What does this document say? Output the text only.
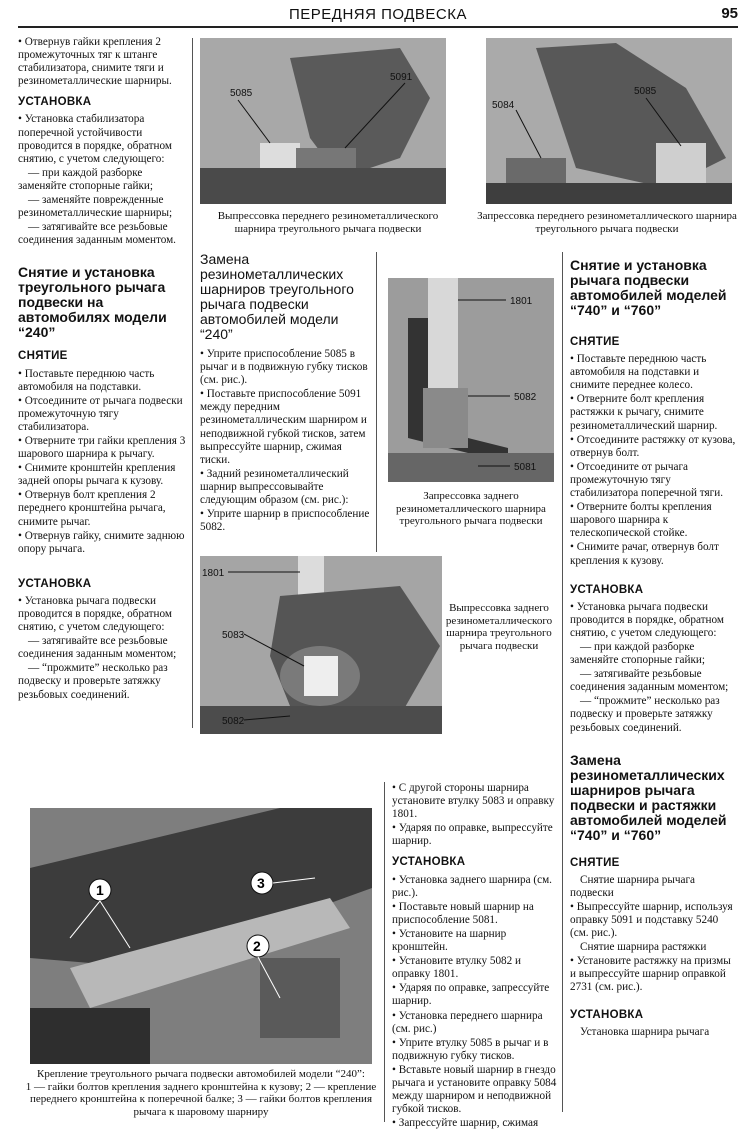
ПЕРЕДНЯЯ ПОДВЕСКА	95

• Отвернув гайки крепления 2 промежуточных тяг к штанге стабилизатора, снимите тяги и резинометаллические шарниры.

УСТАНОВКА

• Установка стабилизатора поперечной устойчивости проводится в порядке, обратном снятию, с учетом следующего:

— при каждой разборке заменяйте стопорные гайки;

— заменяйте поврежденные резинометаллические шарниры;

— затягивайте все резьбовые соединения заданным моментом.

Снятие и установка треугольного рычага подвески на автомобилях модели “240”
СНЯТИЕ

• Поставьте переднюю часть автомобиля на подставки.

• Отсоедините от рычага подвески промежуточную тягу стабилизатора.

• Отверните три гайки крепления 3 шарового шарнира к рычагу.

• Снимите кронштейн крепления задней опоры рычага к кузову.

• Отвернув болт крепления 2 переднего кронштейна рычага, снимите рычаг.

• Отвернув гайку, снимите заднюю опору рычага.

УСТАНОВКА

• Установка рычага подвески проводится в порядке, обратном снятию, с учетом следующего:

— затягивайте все резьбовые соединения заданным моментом;

— “прожмите” несколько раз подвеску и проверьте затяжку резьбовых соединений.

5085
5091
Выпрессовка переднего резинометаллического шарнира треугольного рычага подвески
5084
5085
Запрессовка переднего резинометаллического шарнира треугольного рычага подвески
Замена резинометаллических шарниров треугольного рычага подвески автомобилей модели “240”

• Уприте приспособление 5085 в рычаг и в подвижную губку тисков (см. рис.).

• Поставьте приспособление 5091 между передним резинометаллическим шарниром и неподвижной губкой тисков, затем выпрессуйте шарнир, сжимая тиски.

• Задний резинометаллический шарнир выпрессовывайте следующим образом (см. рис.):

• Уприте шарнир в приспособление 5082.

1801
5082
5081
Запрессовка заднего резинометаллического шарнира треугольного рычага подвески
1801
5083
5082
Выпрессовка заднего резинометаллического шарнира треугольного рычага подвески
1
2
3
Крепление треугольного рычага подвески автомобилей модели “240”:
1 — гайки болтов крепления заднего кронштейна к кузову; 2 — крепление переднего кронштейна к поперечной балке; 3 — гайки болтов крепления рычага к шаровому шарниру

• С другой стороны шарнира установите втулку 5083 и оправку 1801.

• Ударяя по оправке, выпрессуйте шарнир.

УСТАНОВКА

• Установка заднего шарнира (см. рис.).

• Поставьте новый шарнир на приспособление 5081.

• Установите на шарнир кронштейн.

• Установите втулку 5082 и оправку 1801.

• Ударяя по оправке, запрессуйте шарнир.

• Установка переднего шарнира (см. рис.)

• Уприте втулку 5085 в рычаг и в подвижную губку тисков.

• Вставьте новый шарнир в гнездо рычага и установите оправку 5084 между шарниром и неподвижной губкой тисков.

• Запрессуйте шарнир, сжимая

Снятие и установка рычага подвески автомобилей моделей “740” и “760”
СНЯТИЕ

• Поставьте переднюю часть автомобиля на подставки и снимите переднее колесо.

• Отверните болт крепления растяжки к рычагу, снимите резинометаллический шарнир.

• Отсоедините растяжку от кузова, отвернув болт.

• Отсоедините от рычага промежуточную тягу стабилизатора поперечной тяги.

• Отверните болты крепления шарового шарнира к телескопической стойке.

• Снимите рачаг, отвернув болт крепления к кузову.

УСТАНОВКА

• Установка рычага подвески проводится в порядке, обратном снятию, с учетом следующего:

— при каждой разборке заменяйте стопорные гайки;

— затягивайте резьбовые соединения заданным моментом;

— “прожмите” несколько раз подвеску и проверьте затяжку резьбовых соединений.

Замена резинометаллических шарниров рычага подвески и растяжки автомобилей моделей “740” и “760”
СНЯТИЕ

Снятие шарнира рычага подвески

• Выпрессуйте шарнир, используя оправку 5091 и подставку 5240 (см. рис.).

Снятие шарнира растяжки

• Установите растяжку на призмы и выпрессуйте шарнир оправкой 2731 (см. рис.).

УСТАНОВКА

Установка шарнира рычага
